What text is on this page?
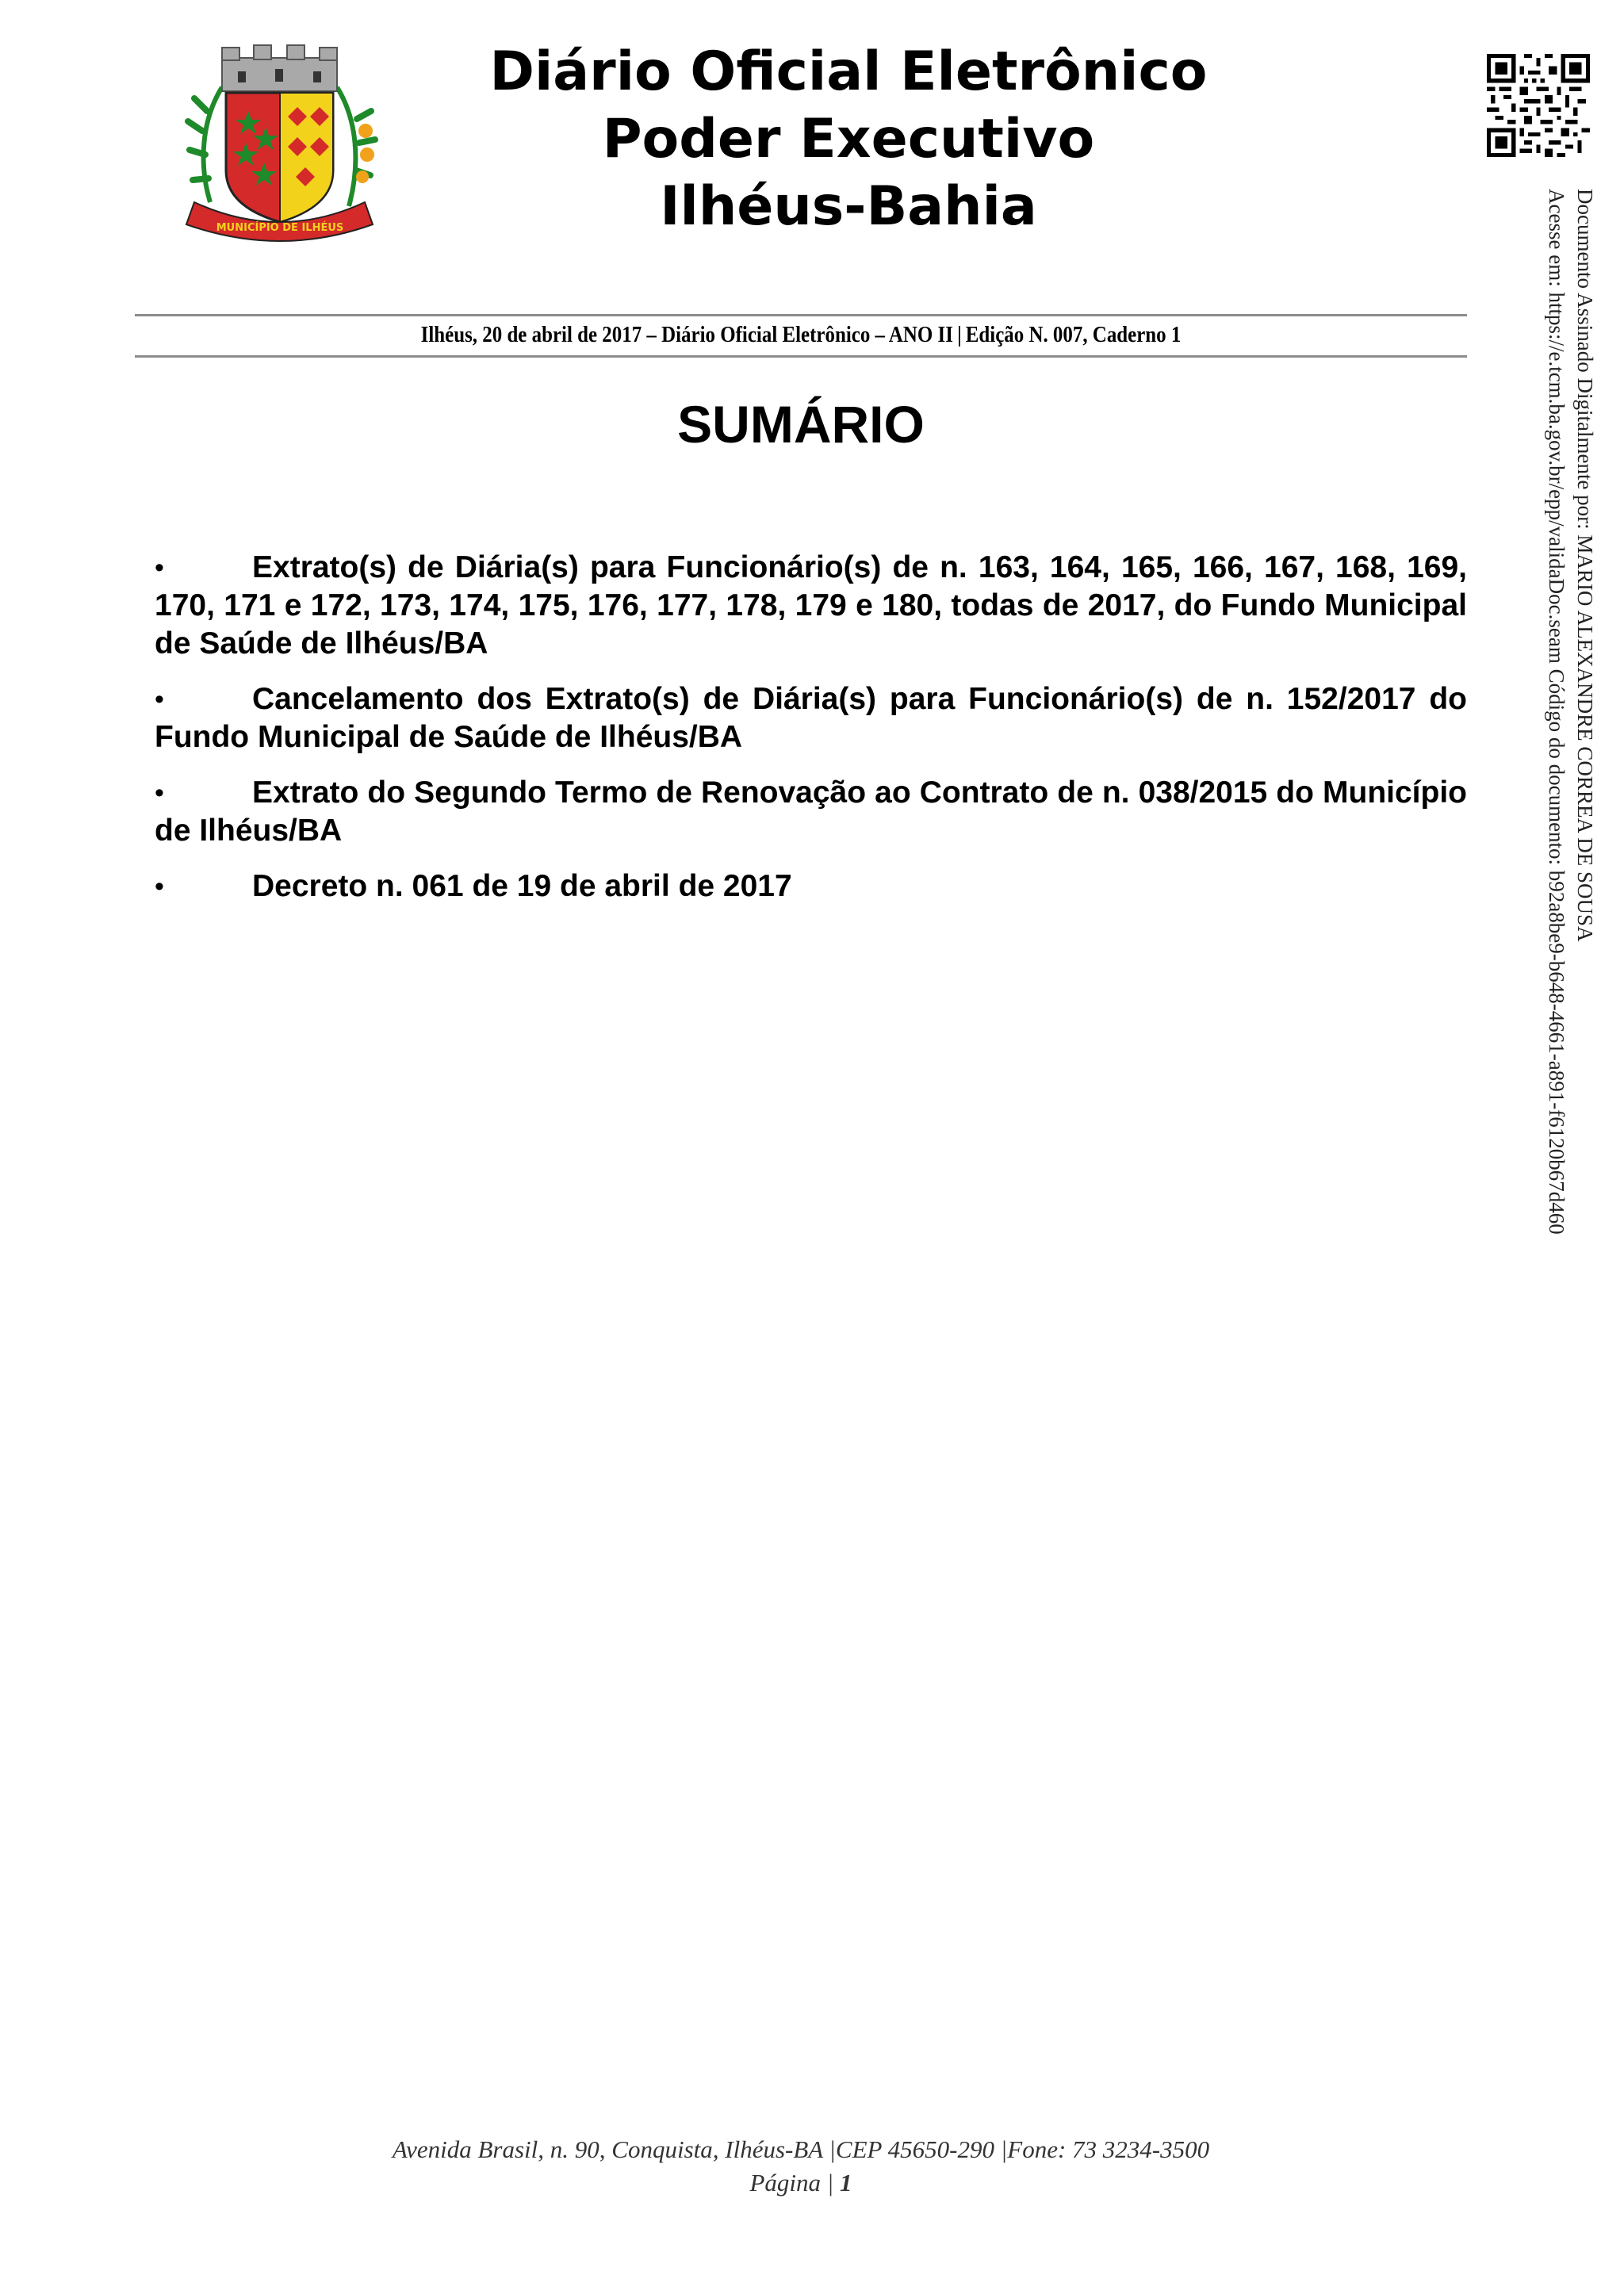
MUNICÍPIO DE ILHÉUS
Diário Oficial Eletrônico
Poder Executivo
Ilhéus-Bahia
Ilhéus, 20 de abril de 2017 – Diário Oficial Eletrônico – ANO II | Edição N. 007, Caderno 1
SUMÁRIO
•	Extrato(s) de Diária(s) para Funcionário(s) de n. 163, 164, 165, 166, 167, 168, 169, 170, 171 e 172, 173, 174, 175, 176, 177, 178, 179 e 180, todas de 2017, do Fundo Municipal de Saúde de Ilhéus/BA
•	Cancelamento dos Extrato(s) de Diária(s) para Funcionário(s) de n. 152/2017 do Fundo Municipal de Saúde de Ilhéus/BA
•	Extrato do Segundo Termo de Renovação ao Contrato de n. 038/2015 do Município de Ilhéus/BA
•	Decreto n. 061 de 19 de abril de 2017	Documento Assinado Digitalmente por: MARIO ALEXANDRE CORREA DE SOUSA
Acesse em: https://e.tcm.ba.gov.br/epp/validaDoc.seam Código do documento: b92a8be9-b648-4661-a891-f6120b67d460
Avenida Brasil, n. 90, Conquista, Ilhéus-BA |CEP 45650-290 |Fone: 73 3234-3500
Página | 1
